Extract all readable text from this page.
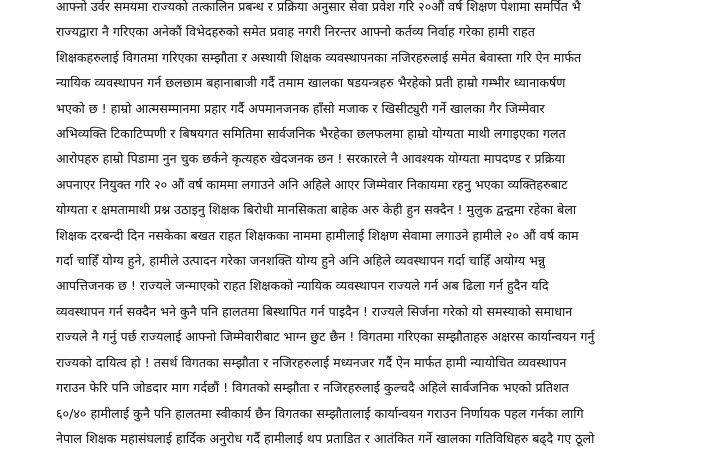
आफ्नो उर्वर समयमा राज्यको तत्कालिन प्रबन्ध र प्रक्रिया अनुसार सेवा प्रवेश गरि २०औं वर्ष शिक्षण पेशामा समर्पित भै
राज्यद्वारा नै गरिएका अनेकौं विभेदहरुको समेत प्रवाह नगरी निरन्तर आफ्नो कर्तव्य निर्वाह गरेका हामी राहत
शिक्षकहरुलाई विगतमा गरिएका सम्झौता र अस्थायी शिक्षक व्यवस्थापनका नजिरहरुलाई समेत बेवास्ता गरि ऐन मार्फत
न्यायिक व्यवस्थापन गर्न छलछाम बहानाबाजी गर्दै तमाम खालका षडयन्त्रहरु भैरहेको प्रती हाम्रो गम्भीर ध्यानाकर्षण
भएको छ ! हाम्रो आत्मसम्मानमा प्रहार गर्दै अपमानजनक हाँसो मजाक र खिसीट्युरी गर्ने खालका गैर जिम्मेवार
अभिव्यक्ति टिकाटिप्पणी र बिषयगत समितिमा सार्वजनिक भैरहेका छलफलमा हाम्रो योग्यता माथी लगाइएका गलत
आरोपहरु हाम्रो पिडामा नुन चुक छर्कने कृत्यहरु खेदजनक छन ! सरकारले नै आवश्यक योग्यता मापदण्ड र प्रक्रिया
अपनाएर नियुक्त गरि २० औं वर्ष काममा लगाउने अनि अहिले आएर जिम्मेवार निकायमा रहनु भएका व्यक्तिहरुबाट
योग्यता र क्षमतामाथी प्रश्न उठाइनु शिक्षक बिरोधी मानसिकता बाहेक अरु केही हुन सक्दैन ! मुलुक द्वन्द्वमा रहेका बेला
शिक्षक दरबन्दी दिन नसकेका बखत राहत शिक्षकका नाममा हामीलाई शिक्षण सेवामा लगाउने हामीले २० औं वर्ष काम
गर्दा चाहिँ योग्य हुने, हामीले उत्पादन गरेका जनशक्ति योग्य हुने अनि अहिले व्यवस्थापन गर्दा चाहिँ अयोग्य भन्नु
आपत्तिजनक छ ! राज्यले जन्माएको राहत शिक्षकको न्यायिक व्यवस्थापन राज्यले गर्न अब ढिला गर्न हुदैन यदि
व्यवस्थापन गर्न सक्दैन भने कुनै पनि हालतमा बिस्थापित गर्न पाइदैन ! राज्यले सिर्जना गरेको यो समस्याको समाधान
राज्यले नै गर्नु पर्छ राज्यलाई आफ्नो जिम्मेवारीबाट भाग्न छुट छैन ! विगतमा गरिएका सम्झौताहरु अक्षरस कार्यान्वयन गर्नु
राज्यको दायित्व हो ! तसर्थ विगतका सम्झौता र नजिरहरुलाई मध्यनजर गर्दै ऐन मार्फत हामी न्यायोचित व्यवस्थापन
गराउन फेरि पनि जोडदार माग गर्दछौं ! विगतको सम्झौता र नजिरहरुलाई कुल्चदै अहिले सार्वजनिक भएको प्रतिशत
६०/४० हामीलाई कुनै पनि हालतमा स्वीकार्य छैन विगतका सम्झौतालाई कार्यान्वयन गराउन निर्णायक पहल गर्नका लागि
नेपाल शिक्षक महासंघलाई हार्दिक अनुरोध गर्दै हामीलाई थप प्रताडित र आतंकित गर्ने खालका गतिविधिहरु बढ्दै गए ठूलो
